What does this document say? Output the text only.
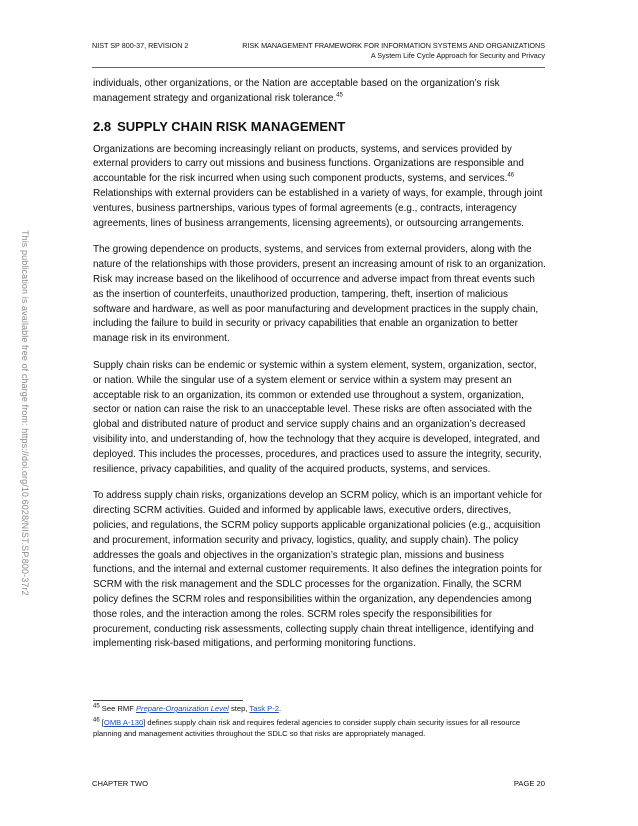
NIST SP 800-37, REVISION 2	RISK MANAGEMENT FRAMEWORK FOR INFORMATION SYSTEMS AND ORGANIZATIONS
A System Life Cycle Approach for Security and Privacy
This publication is available free of charge from: https://doi.org/10.6028/NIST.SP.800-37r2

individuals, other organizations, or the Nation are acceptable based on the organization’s risk management strategy and organizational risk tolerance.$^{45}$

2.8 SUPPLY CHAIN RISK MANAGEMENT

Organizations are becoming increasingly reliant on products, systems, and services provided by external providers to carry out missions and business functions. Organizations are responsible and accountable for the risk incurred when using such component products, systems, and services.$^{46}$ Relationships with external providers can be established in a variety of ways, for example, through joint ventures, business partnerships, various types of formal agreements (e.g., contracts, interagency agreements, lines of business arrangements, licensing agreements), or outsourcing arrangements.

The growing dependence on products, systems, and services from external providers, along with the nature of the relationships with those providers, present an increasing amount of risk to an organization. Risk may increase based on the likelihood of occurrence and adverse impact from threat events such as the insertion of counterfeits, unauthorized production, tampering, theft, insertion of malicious software and hardware, as well as poor manufacturing and development practices in the supply chain, including the failure to build in security or privacy capabilities that enable an organization to better manage risk in its environment.

Supply chain risks can be endemic or systemic within a system element, system, organization, sector, or nation. While the singular use of a system element or service within a system may present an acceptable risk to an organization, its common or extended use throughout a system, organization, sector or nation can raise the risk to an unacceptable level. These risks are often associated with the global and distributed nature of product and service supply chains and an organization’s decreased visibility into, and understanding of, how the technology that they acquire is developed, integrated, and deployed. This includes the processes, procedures, and practices used to assure the integrity, security, resilience, privacy capabilities, and quality of the acquired products, systems, and services.

To address supply chain risks, organizations develop an SCRM policy, which is an important vehicle for directing SCRM activities. Guided and informed by applicable laws, executive orders, directives, policies, and regulations, the SCRM policy supports applicable organizational policies (e.g., acquisition and procurement, information security and privacy, logistics, quality, and supply chain). The policy addresses the goals and objectives in the organization’s strategic plan, missions and business functions, and the internal and external customer requirements. It also defines the integration points for SCRM with the risk management and the SDLC processes for the organization. Finally, the SCRM policy defines the SCRM roles and responsibilities within the organization, any dependencies among those roles, and the interaction among the roles. SCRM roles specify the responsibilities for procurement, conducting risk assessments, collecting supply chain threat intelligence, identifying and implementing risk-based mitigations, and performing monitoring functions.

$^{45}$ See RMF Prepare-Organization Level step, Task P-2.

$^{46}$ [OMB A-130] defines supply chain risk and requires federal agencies to consider supply chain security issues for all resource planning and management activities throughout the SDLC so that risks are appropriately managed.

CHAPTER TWO	PAGE 20
